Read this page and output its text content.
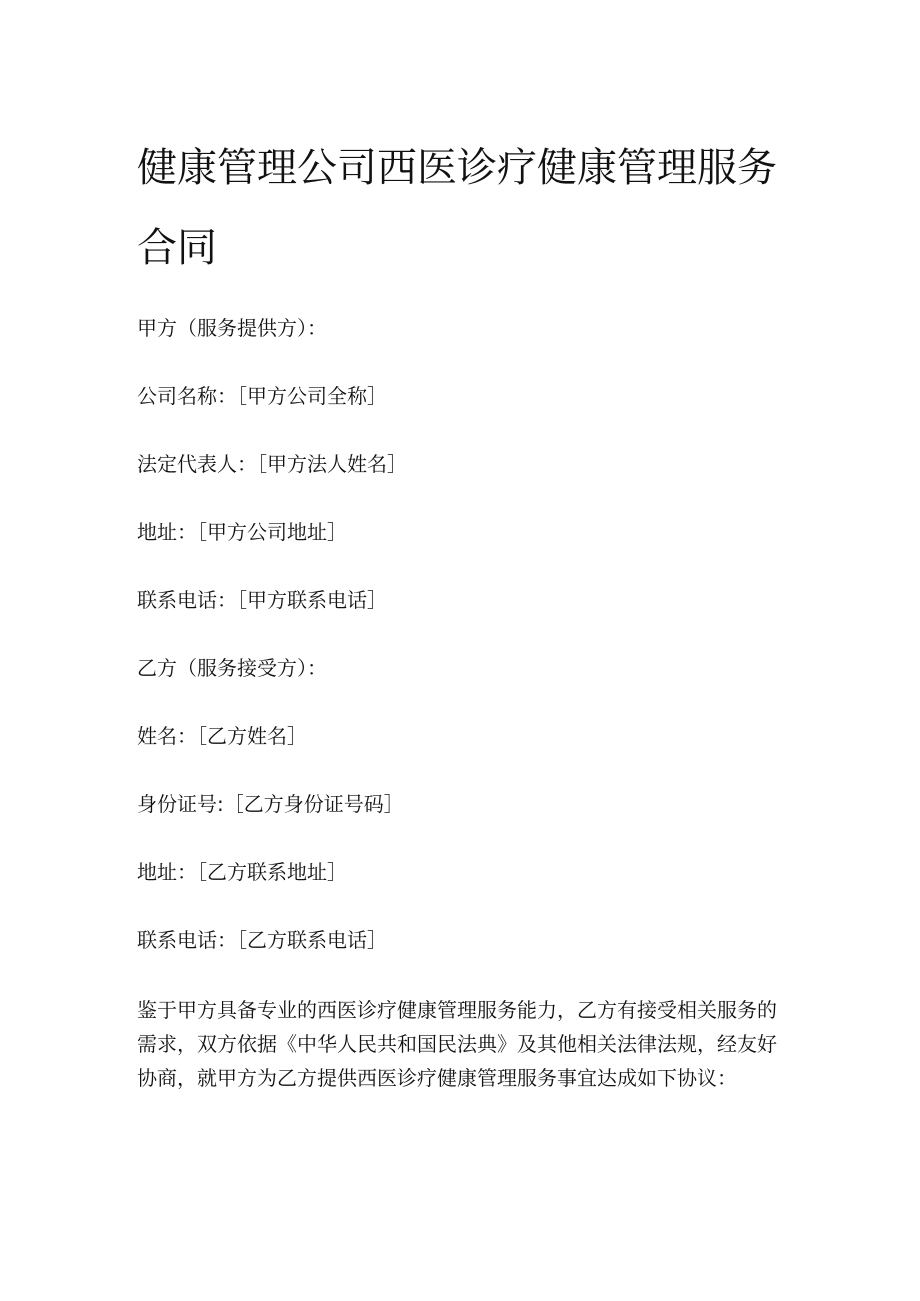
健康管理公司西医诊疗健康管理服务合同

甲方（服务提供方）：

公司名称：［甲方公司全称］

法定代表人：［甲方法人姓名］

地址：［甲方公司地址］

联系电话：［甲方联系电话］

乙方（服务接受方）：

姓名：［乙方姓名］

身份证号:［乙方身份证号码］

地址：［乙方联系地址］

联系电话：［乙方联系电话］

鉴于甲方具备专业的西医诊疗健康管理服务能力，乙方有接受相关服务的
需求，双方依据《中华人民共和国民法典》及其他相关法律法规，经友好
协商，就甲方为乙方提供西医诊疗健康管理服务事宜达成如下协议：
